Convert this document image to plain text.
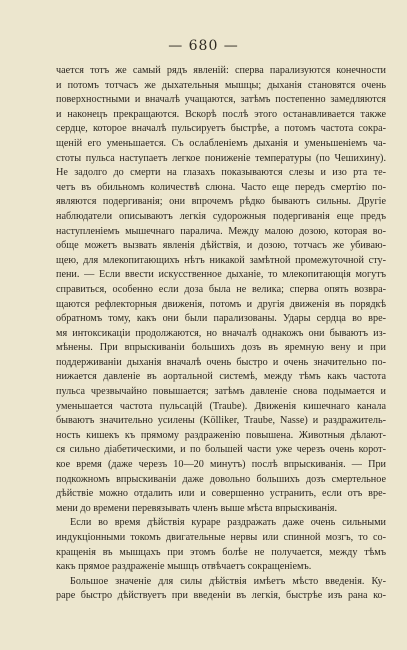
— 680 —
чается тотъ же самый рядъ явленій: сперва парализуются конечности
и потомъ тотчасъ же дыхательныя мышцы; дыханія становятся очень
поверхностными и вначалѣ учащаются, затѣмъ постепенно замедляются
и наконецъ прекращаются. Вскорѣ послѣ этого останавливается также
сердце, которое вначалѣ пульсируетъ быстрѣе, а потомъ частота сокра-
щеній его уменьшается. Съ ослабленіемъ дыханія и уменьшеніемъ ча-
стоты пульса наступаетъ легкое пониженіе температуры (по Чешихину).
Не задолго до смерти на глазахъ показываются слезы и изо рта те-
четъ въ обильномъ количествѣ слюна. Часто еще передъ смертію по-
являются подергиванія; они впрочемъ рѣдко бываютъ сильны. Другіе
наблюдатели описываютъ легкія судорожныя подергиванія еще предъ
наступленіемъ мышечнаго паралича. Между малою дозою, которая во-
обще можетъ вызвать явленія дѣйствія, и дозою, тотчасъ же убиваю-
щею, для млекопитающихъ нѣтъ никакой замѣтной промежуточной сту-
пени. — Если ввести искусственное дыханіе, то млекопитающія могутъ
справиться, особенно если доза была не велика; сперва опять возвра-
щаются рефлекторныя движенія, потомъ и другія движенія въ порядкѣ
обратномъ тому, какъ они были парализованы. Удары сердца во вре-
мя интоксикаціи продолжаются, но вначалѣ однакожъ они бываютъ из-
мѣнены. При впрыскиваніи большихъ дозъ въ яремную вену и при
поддерживаніи дыханія вначалѣ очень быстро и очень значительно по-
нижается давленіе въ аортальной системѣ, между тѣмъ какъ частота
пульса чрезвычайно повышается; затѣмъ давленіе снова подымается и
уменьшается частота пульсацій (Traube). Движенія кишечнаго канала
бываютъ значительно усилены (Kölliker, Traube, Nasse) и раздражитель-
ность кишекъ къ прямому раздраженію повышена. Животныя дѣлают-
ся сильно діабетическими, и по большей части уже черезъ очень корот-
кое время (даже черезъ 10—20 минутъ) послѣ впрыскиванія. — При
подкожномъ впрыскиваніи даже довольно большихъ дозъ смертельное
дѣйствіе можно отдалить или и совершенно устранить, если отъ вре-
мени до времени перевязывать членъ выше мѣста впрыскиванія.
Если во время дѣйствія кураре раздражать даже очень сильными
индукціонными токомъ двигательные нервы или спинной мозгъ, то со-
кращенія въ мышцахъ при этомъ болѣе не получается, между тѣмъ
какъ прямое раздраженіе мышцъ отвѣчаетъ сокращеніемъ.
Большое значеніе для силы дѣйствія имѣетъ мѣсто введенія. Ку-
раре быстро дѣйствуетъ при введеніи въ легкія, быстрѣе изъ рана ко-
